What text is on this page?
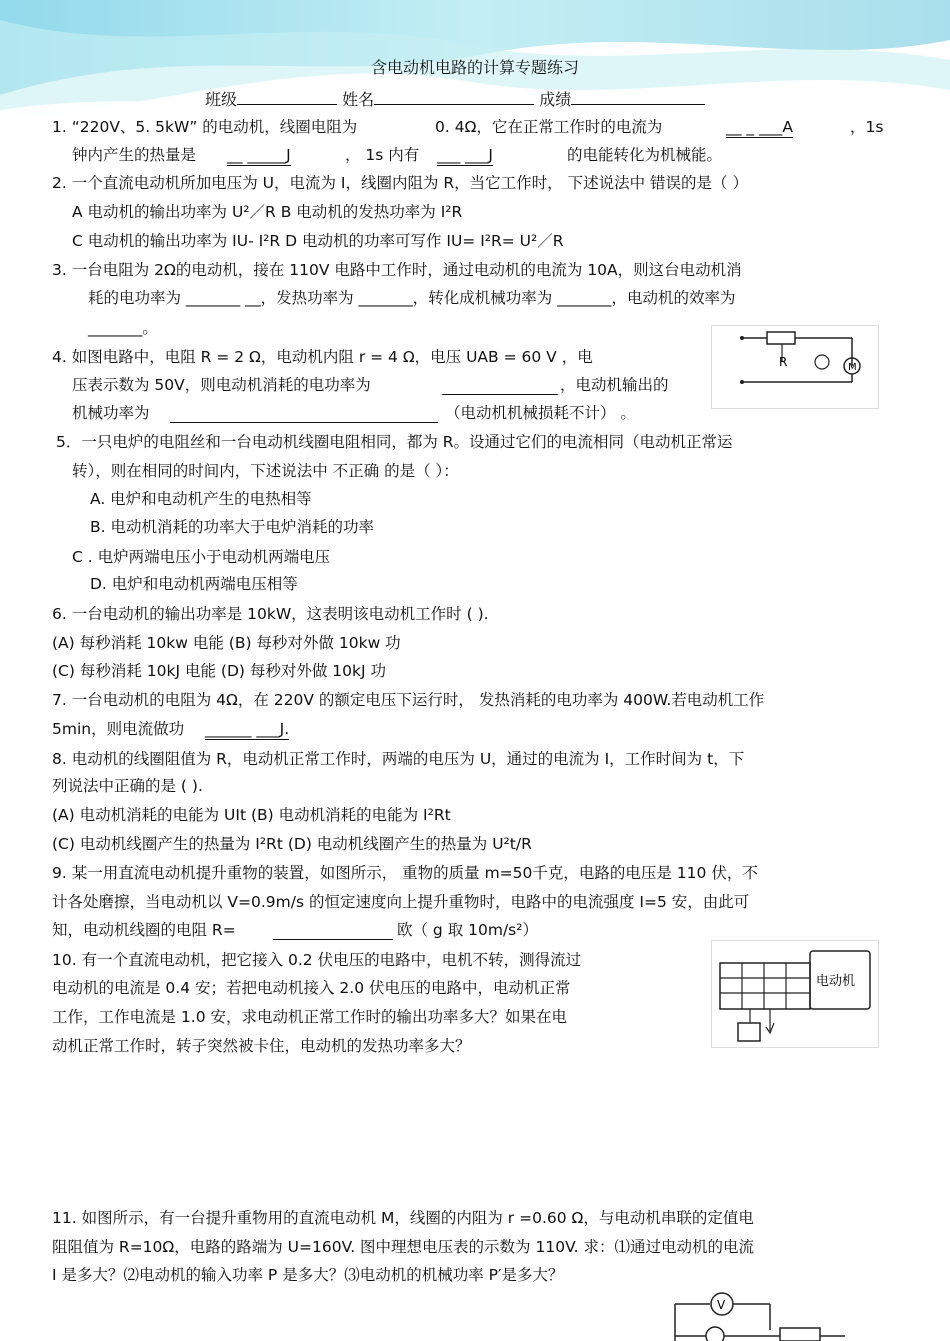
含电动机电路的计算专题练习
班级	姓名	成绩
1. “220V、5. 5kW” 的电动机，线圈电阻为	0. 4Ω，它在正常工作时的电流为	__ _ ___A	，1s
钟内产生的热量是 __ _____J	， 1s 内有 ___ ___J	的电能转化为机械能。
2. 一个直流电动机所加电压为 U，电流为 I，线圈内阻为 R，当它工作时， 下述说法中 错误的是（ ）
A 电动机的输出功率为 U²／R B 电动机的发热功率为 I²R
C 电动机的输出功率为 IU- I²R D 电动机的功率可写作 IU= I²R= U²／R
3. 一台电阻为 2Ω的电动机，接在 110V 电路中工作时，通过电动机的电流为 10A，则这台电动机消
耗的电功率为 _______ __，发热功率为 _______，转化成机械功率为 _______，电动机的效率为
_______。
M
R
4. 如图电路中，电阻 R = 2 Ω，电动机内阻 r = 4 Ω，电压 UAB = 60 V ，电
压表示数为 50V，则电动机消耗的电功率为	，电动机输出的
机械功率为	（电动机机械损耗不计） 。
5．一只电炉的电阻丝和一台电动机线圈电阻相同，都为 R。设通过它们的电流相同（电动机正常运
转），则在相同的时间内，下述说法中 不正确 的是（ ）：
A. 电炉和电动机产生的电热相等
B. 电动机消耗的功率大于电炉消耗的功率
C . 电炉两端电压小于电动机两端电压
D. 电炉和电动机两端电压相等
6. 一台电动机的输出功率是 10kW，这表明该电动机工作时 ( ).
(A) 每秒消耗 10kw 电能 (B) 每秒对外做 10kw 功
(C) 每秒消耗 10kJ 电能 (D) 每秒对外做 10kJ 功
7. 一台电动机的电阻为 4Ω，在 220V 的额定电压下运行时， 发热消耗的电功率为 400W.若电动机工作
5min，则电流做功 ______ ___J.
8. 电动机的线圈阻值为 R，电动机正常工作时，两端的电压为 U，通过的电流为 I，工作时间为 t，下
列说法中正确的是 ( ).
(A) 电动机消耗的电能为 UIt (B) 电动机消耗的电能为 I²Rt
(C) 电动机线圈产生的热量为 I²Rt (D) 电动机线圈产生的热量为 U²t/R
9. 某一用直流电动机提升重物的装置，如图所示， 重物的质量 m=50千克，电路的电压是 110 伏，不
计各处磨擦，当电动机以 V=0.9m/s 的恒定速度向上提升重物时，电路中的电流强度 I=5 安，由此可
知，电动机线圈的电阻 R=	欧（ g 取 10m/s²）
电动机
10. 有一个直流电动机，把它接入 0.2 伏电压的电路中，电机不转，测得流过
电动机的电流是 0.4 安；若把电动机接入 2.0 伏电压的电路中，电动机正常
工作，工作电流是 1.0 安，求电动机正常工作时的输出功率多大？如果在电
动机正常工作时，转子突然被卡住，电动机的发热功率多大？
11. 如图所示，有一台提升重物用的直流电动机 M，线圈的内阻为 r =0.60 Ω，与电动机串联的定值电
阻阻值为 R=10Ω，电路的路端为 U=160V. 图中理想电压表的示数为 110V. 求：⑴通过电动机的电流
I 是多大？⑵电动机的输入功率 P 是多大？⑶电动机的机械功率 P′是多大？
V
